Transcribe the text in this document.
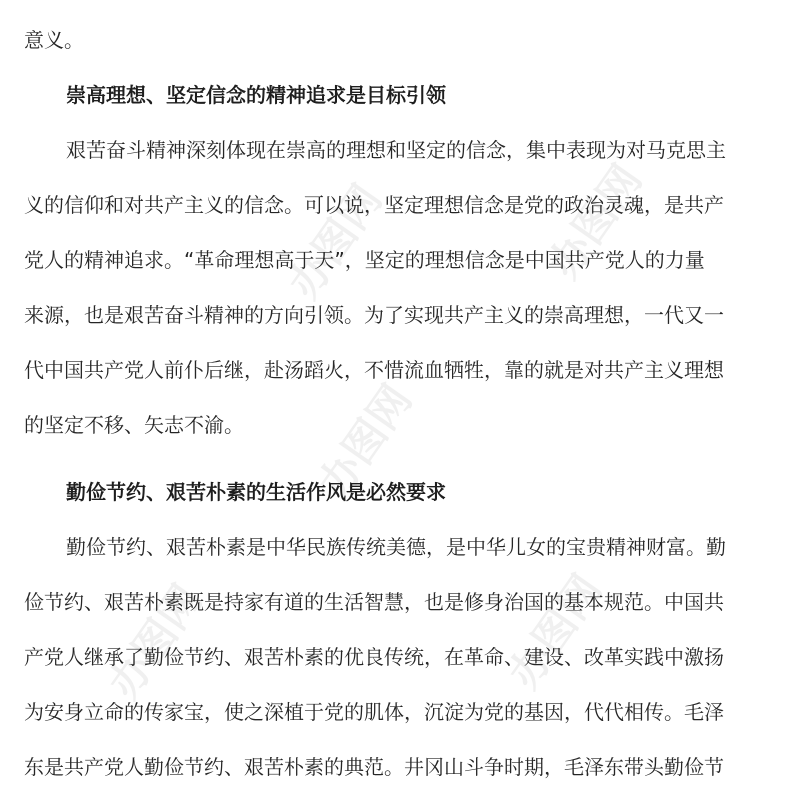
办图网	办图网
办图网
办图网	办图网
意义。
崇高理想、坚定信念的精神追求是目标引领
艰苦奋斗精神深刻体现在崇高的理想和坚定的信念，集中表现为对马克思主
义的信仰和对共产主义的信念。可以说，坚定理想信念是党的政治灵魂，是共产
党人的精神追求。“革命理想高于天”，坚定的理想信念是中国共产党人的力量
来源，也是艰苦奋斗精神的方向引领。为了实现共产主义的崇高理想，一代又一
代中国共产党人前仆后继，赴汤蹈火，不惜流血牺牲，靠的就是对共产主义理想
的坚定不移、矢志不渝。
勤俭节约、艰苦朴素的生活作风是必然要求
勤俭节约、艰苦朴素是中华民族传统美德，是中华儿女的宝贵精神财富。勤
俭节约、艰苦朴素既是持家有道的生活智慧，也是修身治国的基本规范。中国共
产党人继承了勤俭节约、艰苦朴素的优良传统，在革命、建设、改革实践中激扬
为安身立命的传家宝，使之深植于党的肌体，沉淀为党的基因，代代相传。毛泽
东是共产党人勤俭节约、艰苦朴素的典范。井冈山斗争时期，毛泽东带头勤俭节
